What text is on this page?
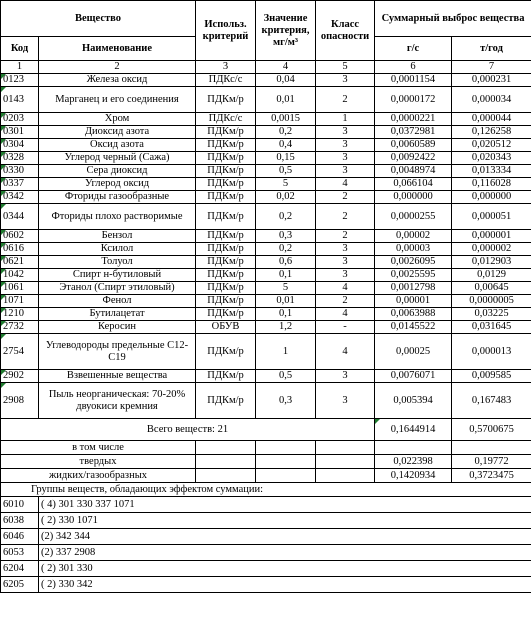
Вещество		Использ. критерий	Значение критерия, мг/м³	Класс опасности	Суммарный выброс вещества	
Код	Наименование				г/с	т/год
1	2	3	4	5	6	7
0123	Железа оксид	ПДКс/с	0,04	3	0,0001154	0,000231
0143	Марганец и его соединения	ПДКм/р	0,01	2	0,0000172	0,000034
0203	Хром	ПДКс/с	0,0015	1	0,0000221	0,000044
0301	Диоксид азота	ПДКм/р	0,2	3	0,0372981	0,126258
0304	Оксид азота	ПДКм/р	0,4	3	0,0060589	0,020512
0328	Углерод черный (Сажа)	ПДКм/р	0,15	3	0,0092422	0,020343
0330	Сера диоксид	ПДКм/р	0,5	3	0,0048974	0,013334
0337	Углерод оксид	ПДКм/р	5	4	0,066104	0,116028
0342	Фториды газообразные	ПДКм/р	0,02	2	0,000000	0,000000
0344	Фториды плохо растворимые	ПДКм/р	0,2	2	0,0000255	0,000051
0602	Бензол	ПДКм/р	0,3	2	0,00002	0,000001
0616	Ксилол	ПДКм/р	0,2	3	0,00003	0,000002
0621	Толуол	ПДКм/р	0,6	3	0,0026095	0,012903
1042	Спирт н-бутиловый	ПДКм/р	0,1	3	0,0025595	0,0129
1061	Этанол (Спирт этиловый)	ПДКм/р	5	4	0,0012798	0,00645
1071	Фенол	ПДКм/р	0,01	2	0,00001	0,0000005
1210	Бутилацетат	ПДКм/р	0,1	4	0,0063988	0,03225
2732	Керосин	ОБУВ	1,2	-	0,0145522	0,031645
2754	Углеводороды предельные С12-С19	ПДКм/р	1	4	0,00025	0,000013
2902	Взвешенные вещества	ПДКм/р	0,5	3	0,0076071	0,009585
2908	Пыль неорганическая: 70-20% двуокиси кремния	ПДКм/р	0,3	3	0,005394	0,167483
Всего веществ: 21					0,1644914	0,5700675
в том числе						
твердых					0,022398	0,19772
жидких/газообразных					0,1420934	0,3723475
Группы веществ, обладающих эффектом суммации:						
6010	( 4) 301 330 337 1071					
6038	( 2) 330 1071					
6046	(2) 342 344					
6053	(2) 337 2908					
6204	( 2) 301 330					
6205	( 2) 330 342					
